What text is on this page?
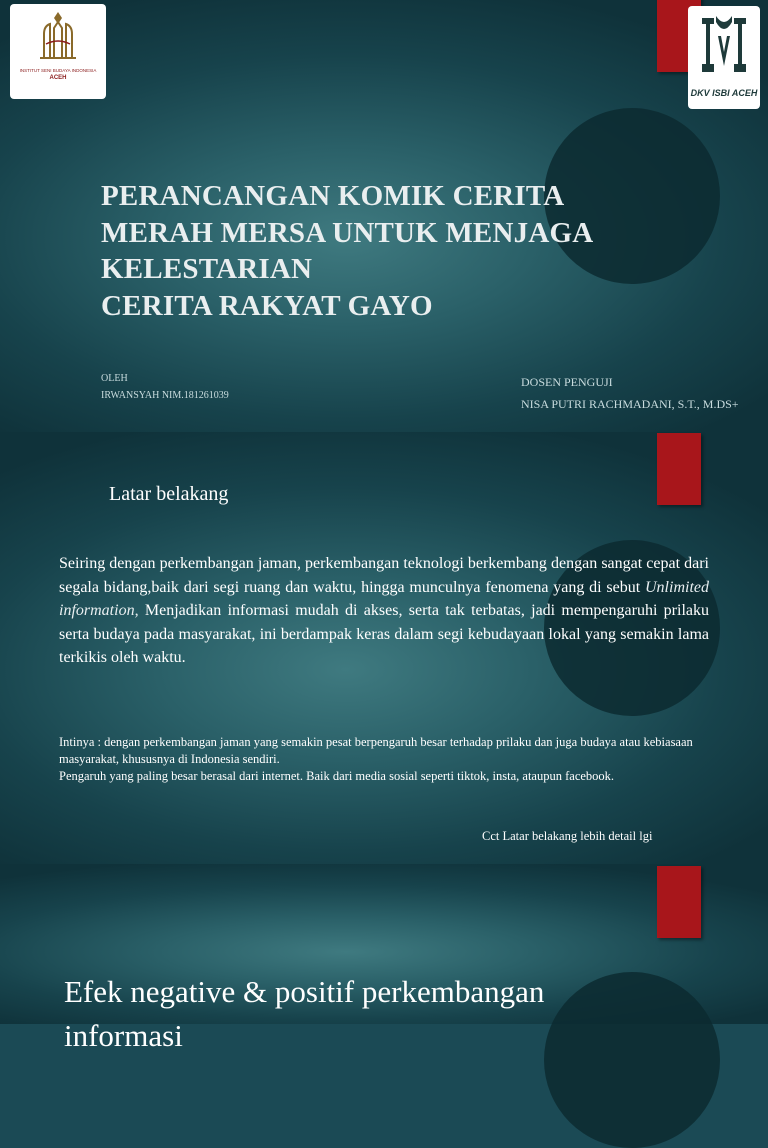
INSTITUT SENI BUDAYA INDONESIA
ACEH
DKV ISBI ACEH
PERANCANGAN KOMIK CERITA
MERAH MERSA UNTUK MENJAGA
KELESTARIAN
CERITA RAKYAT GAYO
OLEH
IRWANSYAH NIM.181261039
DOSEN PENGUJI
NISA PUTRI RACHMADANI, S.T., M.DS+
Latar belakang

Seiring dengan perkembangan jaman, perkembangan teknologi berkembang dengan sangat cepat dari segala bidang,baik dari segi ruang dan waktu, hingga munculnya fenomena yang di sebut Unlimited information, Menjadikan informasi mudah di akses, serta tak terbatas, jadi mempengaruhi prilaku serta budaya pada masyarakat, ini berdampak keras dalam segi kebudayaan lokal yang semakin lama terkikis oleh waktu.

Intinya : dengan perkembangan jaman yang semakin pesat berpengaruh besar terhadap prilaku dan juga budaya atau kebiasaan masyarakat, khususnya di Indonesia sendiri.
Pengaruh yang paling besar berasal dari internet. Baik dari media sosial seperti tiktok, insta, ataupun facebook.
Cct Latar belakang lebih detail lgi
Efek negative & positif perkembangan
informasi
